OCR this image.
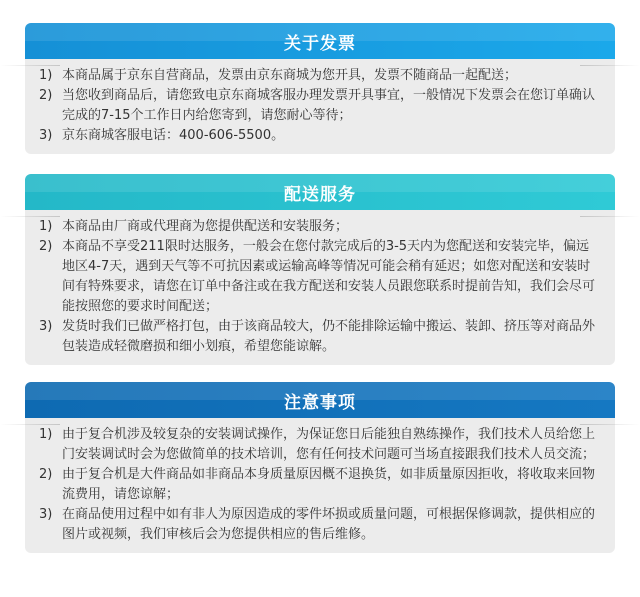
关于发票
1) 本商品属于京东自营商品，发票由京东商城为您开具，发票不随商品一起配送；
2) 当您收到商品后，请您致电京东商城客服办理发票开具事宜，一般情况下发票会在您订单确认完成的7-15个工作日内给您寄到，请您耐心等待；
3) 京东商城客服电话：400-606-5500。
配送服务
1) 本商品由厂商或代理商为您提供配送和安装服务；
2) 本商品不享受211限时达服务，一般会在您付款完成后的3-5天内为您配送和安装完毕，偏远地区4-7天，遇到天气等不可抗因素或运输高峰等情况可能会稍有延迟；如您对配送和安装时间有特殊要求，请您在订单中备注或在我方配送和安装人员跟您联系时提前告知，我们会尽可能按照您的要求时间配送；
3) 发货时我们已做严格打包，由于该商品较大，仍不能排除运输中搬运、装卸、挤压等对商品外包装造成轻微磨损和细小划痕，希望您能谅解。
注意事项
1) 由于复合机涉及较复杂的安装调试操作，为保证您日后能独自熟练操作，我们技术人员给您上门安装调试时会为您做简单的技术培训，您有任何技术问题可当场直接跟我们技术人员交流；
2) 由于复合机是大件商品如非商品本身质量原因概不退换货，如非质量原因拒收，将收取来回物流费用，请您谅解；
3) 在商品使用过程中如有非人为原因造成的零件坏损或质量问题，可根据保修调款，提供相应的图片或视频，我们审核后会为您提供相应的售后维修。
